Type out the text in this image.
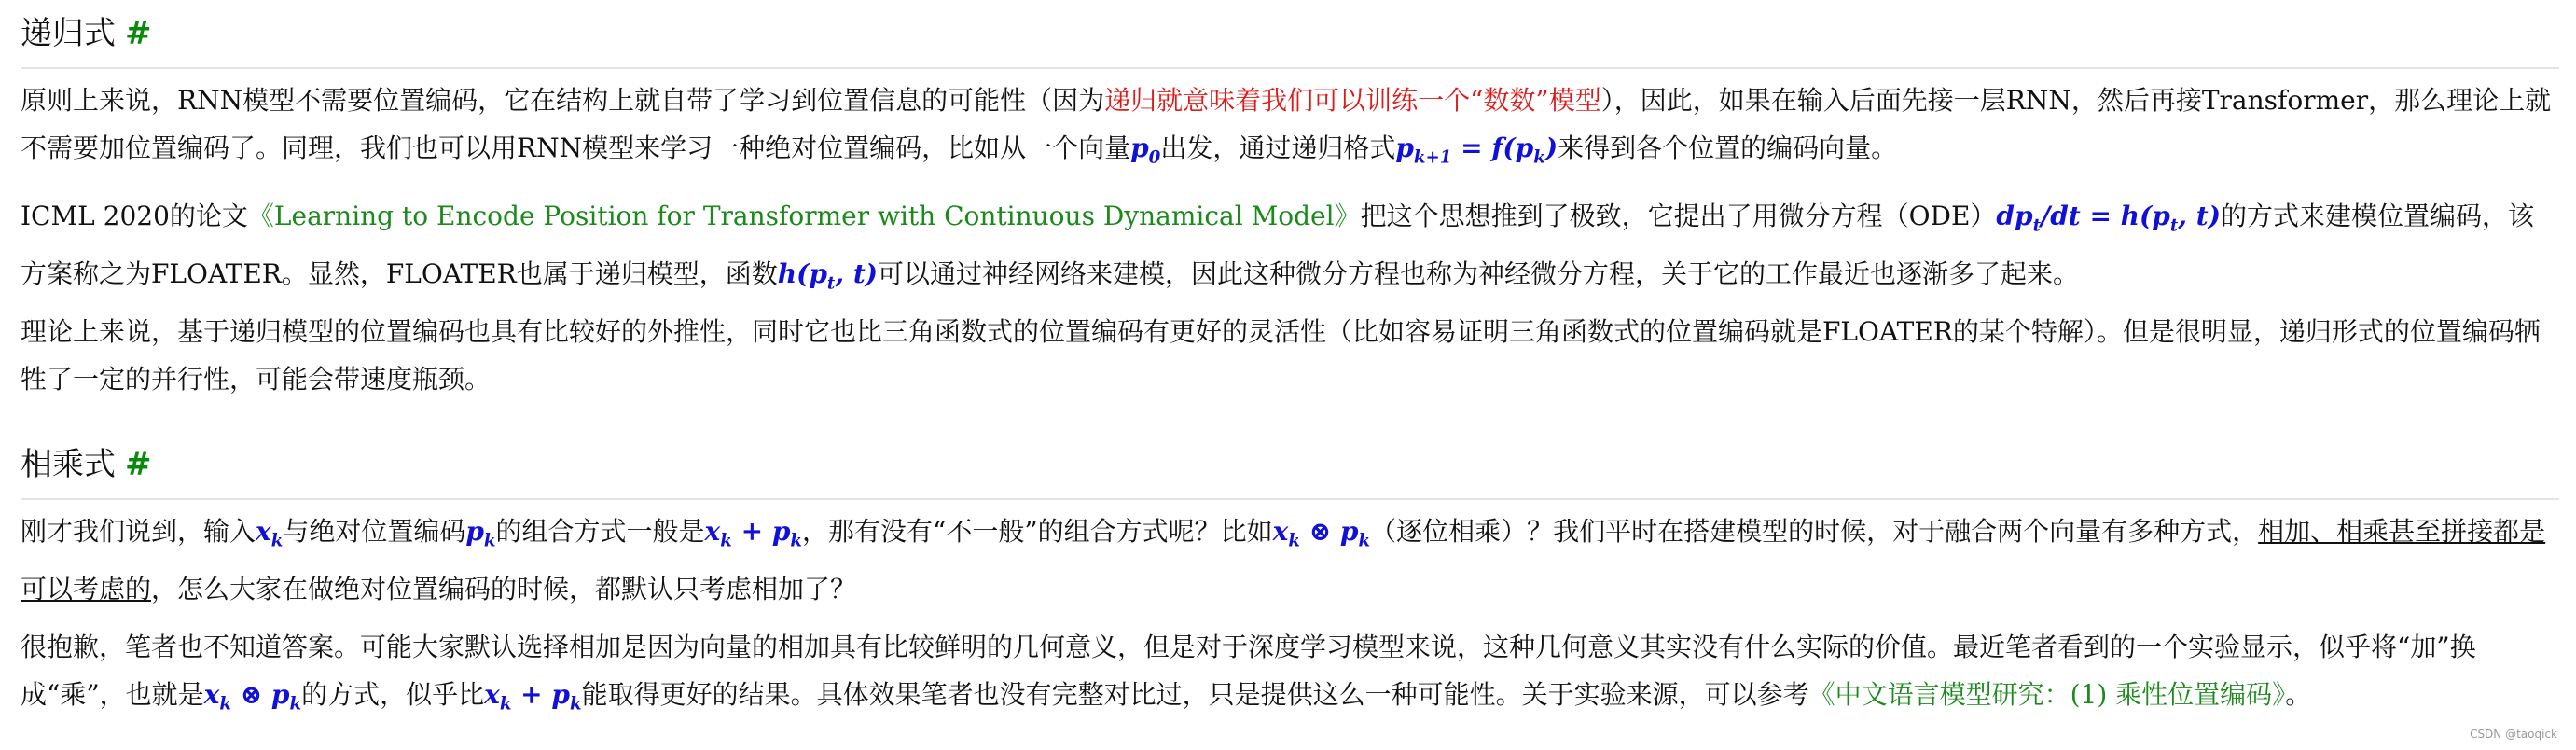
递归式 #

原则上来说，RNN模型不需要位置编码，它在结构上就自带了学习到位置信息的可能性（因为递归就意味着我们可以训练一个“数数”模型），因此，如果在输入后面先接一层RNN，然后再接Transformer，那么理论上就不需要加位置编码了。同理，我们也可以用RNN模型来学习一种绝对位置编码，比如从一个向量$p_0$出发，通过递归格式$p_{k+1} = f(p_k)$来得到各个位置的编码向量。

ICML 2020的论文《Learning to Encode Position for Transformer with Continuous Dynamical Model》把这个思想推到了极致，它提出了用微分方程$(ODE)dp_t/dt = h(p_t$, t)的方式来建模位置编码，该方案称之为FLOATER。显然，FLOATER也属于递归模型，函数$h(p_t$, t)可以通过神经网络来建模，因此这种微分方程也称为神经微分方程，关于它的工作最近也逐渐多了起来。

理论上来说，基于递归模型的位置编码也具有比较好的外推性，同时它也比三角函数式的位置编码有更好的灵活性（比如容易证明三角函数式的位置编码就是FLOATER的某个特解）。但是很明显，递归形式的位置编码牺牲了一定的并行性，可能会带速度瓶颈。

相乘式 #

刚才我们说到，输入$x_k$与绝对位置编码$p_k$的组合方式一般是$x_k + p_k$，那有没有“不一般”的组合方式呢？比如$x_k$ ⊗ $p_k$（逐位相乘）？我们平时在搭建模型的时候，对于融合两个向量有多种方式，相加、相乘甚至拼接都是可以考虑的，怎么大家在做绝对位置编码的时候，都默认只考虑相加了？

很抱歉，笔者也不知道答案。可能大家默认选择相加是因为向量的相加具有比较鲜明的几何意义，但是对于深度学习模型来说，这种几何意义其实没有什么实际的价值。最近笔者看到的一个实验显示，似乎将“加”换成“乘”，也就是$x_k$ ⊗ $p_k$的方式，似乎比$x_k + p_k$能取得更好的结果。具体效果笔者也没有完整对比过，只是提供这么一种可能性。关于实验来源，可以参考《中文语言模型研究：(1) 乘性位置编码》。

CSDN @taoqick
